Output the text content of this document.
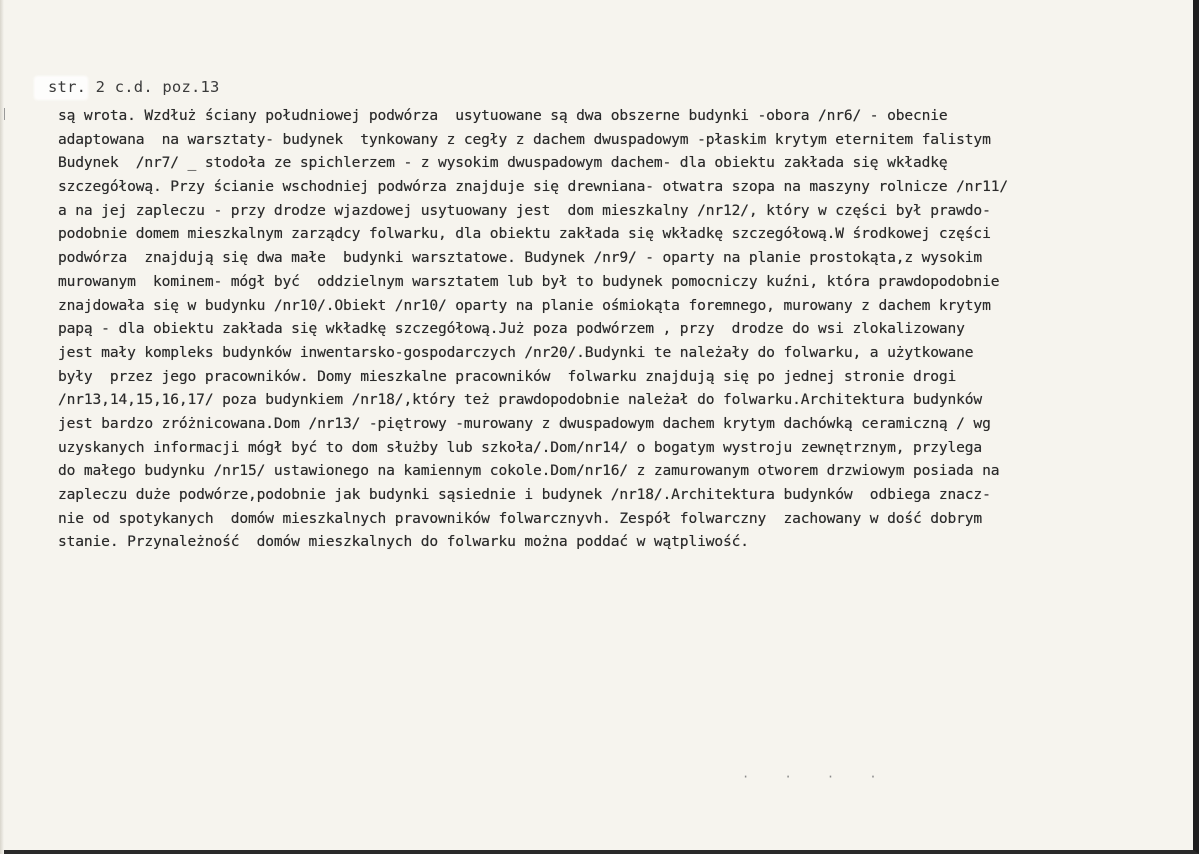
str. 2 c.d. poz.13
są wrota. Wzdłuż ściany południowej podwórza  usytuowane są dwa obszerne budynki -obora /nr6/ - obecnie
adaptowana  na warsztaty- budynek  tynkowany z cegły z dachem dwuspadowym -płaskim krytym eternitem falistym
Budynek  /nr7/ _ stodoła ze spichlerzem - z wysokim dwuspadowym dachem- dla obiektu zakłada się wkładkę
szczegółową. Przy ścianie wschodniej podwórza znajduje się drewniana- otwatra szopa na maszyny rolnicze /nr11/
a na jej zapleczu - przy drodze wjazdowej usytuowany jest  dom mieszkalny /nr12/, który w części był prawdo-
podobnie domem mieszkalnym zarządcy folwarku, dla obiektu zakłada się wkładkę szczegółową.W środkowej części
podwórza  znajdują się dwa małe  budynki warsztatowe. Budynek /nr9/ - oparty na planie prostokąta,z wysokim
murowanym  kominem- mógł być  oddzielnym warsztatem lub był to budynek pomocniczy kuźni, która prawdopodobnie
znajdowała się w budynku /nr10/.Obiekt /nr10/ oparty na planie ośmiokąta foremnego, murowany z dachem krytym
papą - dla obiektu zakłada się wkładkę szczegółową.Już poza podwórzem , przy  drodze do wsi zlokalizowany
jest mały kompleks budynków inwentarsko-gospodarczych /nr20/.Budynki te należały do folwarku, a użytkowane
były  przez jego pracowników. Domy mieszkalne pracowników  folwarku znajdują się po jednej stronie drogi
/nr13,14,15,16,17/ poza budynkiem /nr18/,który też prawdopodobnie należał do folwarku.Architektura budynków
jest bardzo zróżnicowana.Dom /nr13/ -piętrowy -murowany z dwuspadowym dachem krytym dachówką ceramiczną / wg
uzyskanych informacji mógł być to dom służby lub szkoła/.Dom/nr14/ o bogatym wystroju zewnętrznym, przylega
do małego budynku /nr15/ ustawionego na kamiennym cokole.Dom/nr16/ z zamurowanym otworem drzwiowym posiada na
zapleczu duże podwórze,podobnie jak budynki sąsiednie i budynek /nr18/.Architektura budynków  odbiega znacz-
nie od spotykanych  domów mieszkalnych pravowników folwarcznyvh. Zespół folwarczny  zachowany w dość dobrym
stanie. Przynależność  domów mieszkalnych do folwarku można poddać w wątpliwość.
· · · ·
